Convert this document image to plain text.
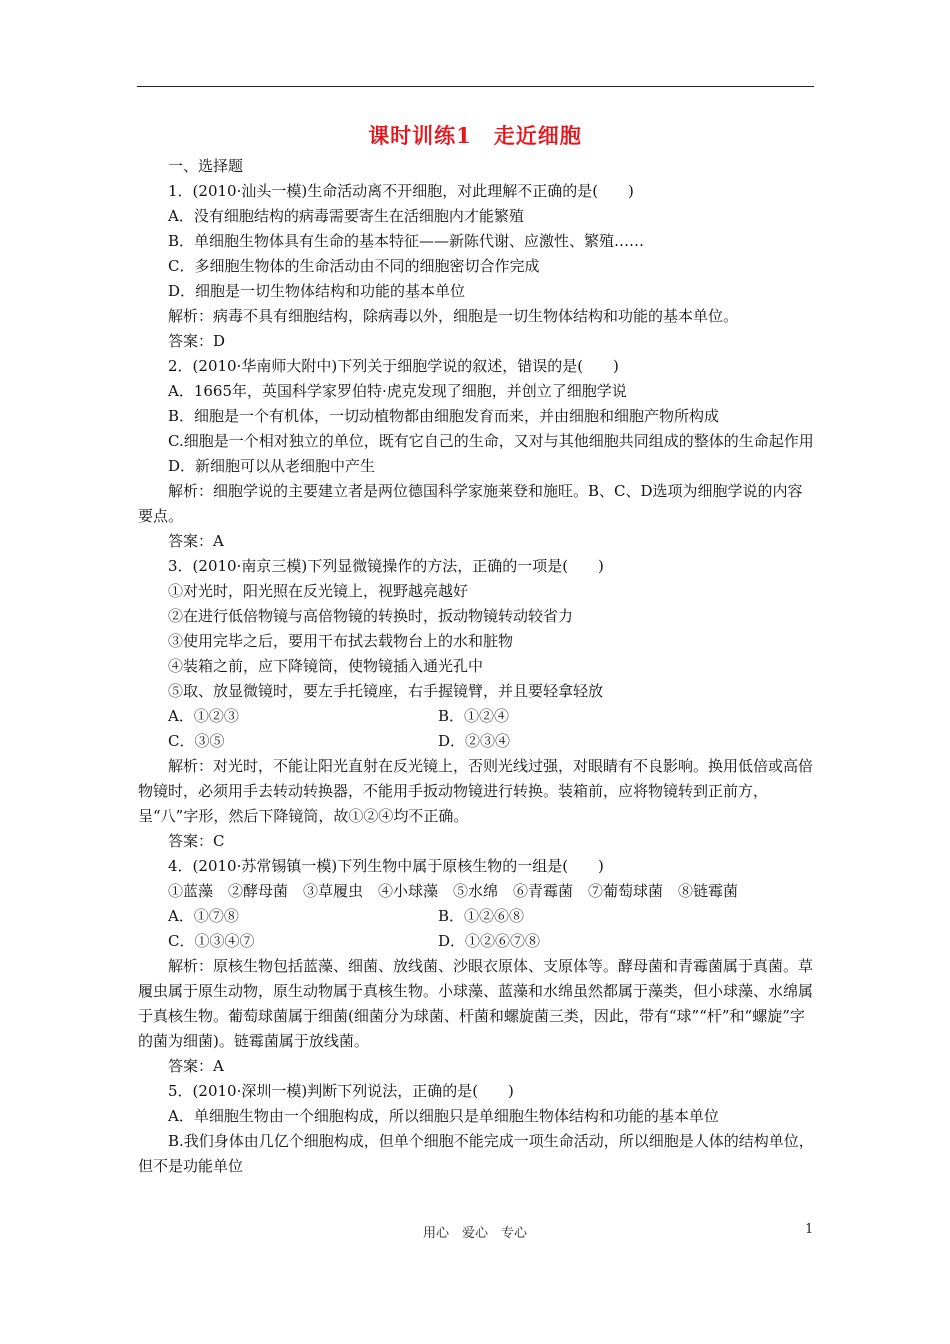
课时训练1　走近细胞

一、选择题

1．(2010·汕头一模)生命活动离不开细胞，对此理解不正确的是(　　)

A．没有细胞结构的病毒需要寄生在活细胞内才能繁殖

B．单细胞生物体具有生命的基本特征——新陈代谢、应激性、繁殖……

C．多细胞生物体的生命活动由不同的细胞密切合作完成

D．细胞是一切生物体结构和功能的基本单位

解析：病毒不具有细胞结构，除病毒以外，细胞是一切生物体结构和功能的基本单位。

答案：D

2．(2010·华南师大附中)下列关于细胞学说的叙述，错误的是(　　)

A．1665年，英国科学家罗伯特·虎克发现了细胞，并创立了细胞学说

B．细胞是一个有机体，一切动植物都由细胞发育而来，并由细胞和细胞产物所构成

C.细胞是一个相对独立的单位，既有它自己的生命，又对与其他细胞共同组成的整体的生命起作用

D．新细胞可以从老细胞中产生

解析：细胞学说的主要建立者是两位德国科学家施莱登和施旺。B、C、D选项为细胞学说的内容要点。

答案：A

3．(2010·南京三模)下列显微镜操作的方法，正确的一项是(　　)

①对光时，阳光照在反光镜上，视野越亮越好

②在进行低倍物镜与高倍物镜的转换时，扳动物镜转动较省力

③使用完毕之后，要用干布拭去载物台上的水和脏物

④装箱之前，应下降镜筒，使物镜插入通光孔中

⑤取、放显微镜时，要左手托镜座，右手握镜臂，并且要轻拿轻放

A．①②③	B．①②④
C．③⑤	D．②③④

解析：对光时，不能让阳光直射在反光镜上，否则光线过强，对眼睛有不良影响。换用低倍或高倍物镜时，必须用手去转动转换器，不能用手扳动物镜进行转换。装箱前，应将物镜转到正前方，呈“八”字形，然后下降镜筒，故①②④均不正确。

答案：C

4．(2010·苏常锡镇一模)下列生物中属于原核生物的一组是(　　)

①蓝藻　②酵母菌　③草履虫　④小球藻　⑤水绵　⑥青霉菌　⑦葡萄球菌　⑧链霉菌

A．①⑦⑧	B．①②⑥⑧
C．①③④⑦	D．①②⑥⑦⑧

解析：原核生物包括蓝藻、细菌、放线菌、沙眼衣原体、支原体等。酵母菌和青霉菌属于真菌。草履虫属于原生动物，原生动物属于真核生物。小球藻、蓝藻和水绵虽然都属于藻类，但小球藻、水绵属于真核生物。葡萄球菌属于细菌(细菌分为球菌、杆菌和螺旋菌三类，因此，带有“球”“杆”和“螺旋”字的菌为细菌)。链霉菌属于放线菌。

答案：A

5．(2010·深圳一模)判断下列说法，正确的是(　　)

A．单细胞生物由一个细胞构成，所以细胞只是单细胞生物体结构和功能的基本单位

B.我们身体由几亿个细胞构成，但单个细胞不能完成一项生命活动，所以细胞是人体的结构单位，但不是功能单位

用心　爱心　专心	1
